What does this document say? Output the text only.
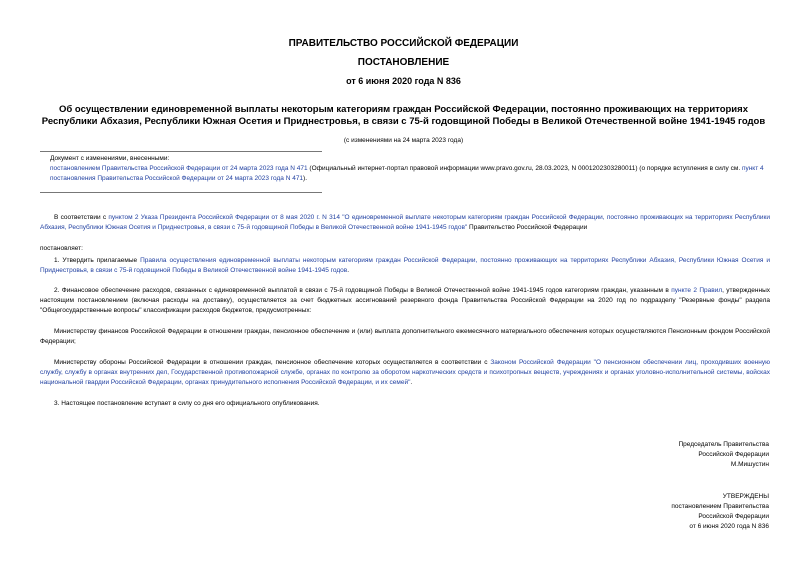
ПРАВИТЕЛЬСТВО РОССИЙСКОЙ ФЕДЕРАЦИИ
ПОСТАНОВЛЕНИЕ
от 6 июня 2020 года N 836
Об осуществлении единовременной выплаты некоторым категориям граждан Российской Федерации, постоянно проживающих на территориях Республики Абхазия, Республики Южная Осетия и Приднестровья, в связи с 75-й годовщиной Победы в Великой Отечественной войне 1941-1945 годов
(с изменениями на 24 марта 2023 года)
Документ с изменениями, внесенными:
постановлением Правительства Российской Федерации от 24 марта 2023 года N 471 (Официальный интернет-портал правовой информации www.pravo.gov.ru, 28.03.2023, N 0001202303280011) (о порядке вступления в силу см. пункт 4 постановления Правительства Российской Федерации от 24 марта 2023 года N 471).
В соответствии с пунктом 2 Указа Президента Российской Федерации от 8 мая 2020 г. N 314 "О единовременной выплате некоторым категориям граждан Российской Федерации, постоянно проживающих на территориях Республики Абхазия, Республики Южная Осетия и Приднестровья, в связи с 75-й годовщиной Победы в Великой Отечественной войне 1941-1945 годов" Правительство Российской Федерации
постановляет:
1. Утвердить прилагаемые Правила осуществления единовременной выплаты некоторым категориям граждан Российской Федерации, постоянно проживающих на территориях Республики Абхазия, Республики Южная Осетия и Приднестровья, в связи с 75-й годовщиной Победы в Великой Отечественной войне 1941-1945 годов.
2. Финансовое обеспечение расходов, связанных с единовременной выплатой в связи с 75-й годовщиной Победы в Великой Отечественной войне 1941-1945 годов категориям граждан, указанным в пункте 2 Правил, утвержденных настоящим постановлением (включая расходы на доставку), осуществляется за счет бюджетных ассигнований резервного фонда Правительства Российской Федерации на 2020 год по подразделу "Резервные фонды" раздела "Общегосударственные вопросы" классификации расходов бюджетов, предусмотренных:
Министерству финансов Российской Федерации в отношении граждан, пенсионное обеспечение и (или) выплата дополнительного ежемесячного материального обеспечения которых осуществляются Пенсионным фондом Российской Федерации;
Министерству обороны Российской Федерации в отношении граждан, пенсионное обеспечение которых осуществляется в соответствии с Законом Российской Федерации "О пенсионном обеспечении лиц, проходивших военную службу, службу в органах внутренних дел, Государственной противопожарной службе, органах по контролю за оборотом наркотических средств и психотропных веществ, учреждениях и органах уголовно-исполнительной системы, войсках национальной гвардии Российской Федерации, органах принудительного исполнения Российской Федерации, и их семей".
3. Настоящее постановление вступает в силу со дня его официального опубликования.
Председатель Правительства
Российской Федерации
М.Мишустин
УТВЕРЖДЕНЫ
постановлением Правительства
Российской Федерации
от 6 июня 2020 года N 836
